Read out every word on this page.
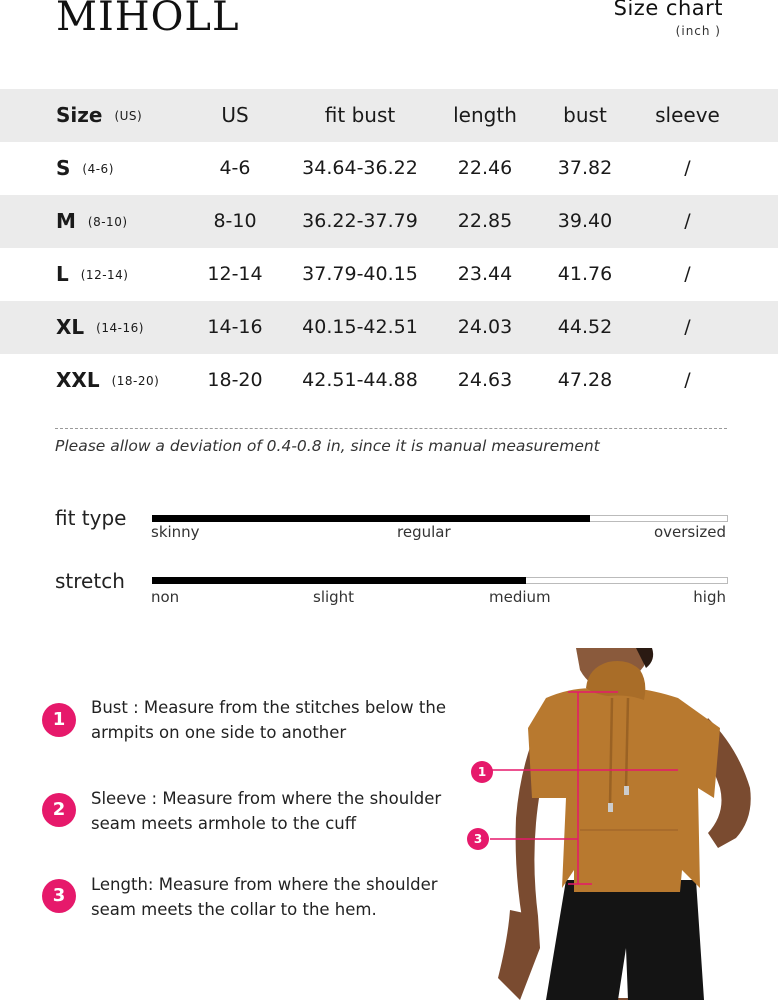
MIHOLL	Size chart
(inch )
Size (US)	US	fit bust	length	bust	sleeve
S (4-6)	4-6	34.64-36.22	22.46	37.82	/
M (8-10)	8-10	36.22-37.79	22.85	39.40	/
L (12-14)	12-14	37.79-40.15	23.44	41.76	/
XL (14-16)	14-16	40.15-42.51	24.03	44.52	/
XXL (18-20)	18-20	42.51-44.88	24.63	47.28	/
Please allow a deviation of 0.4-0.8 in, since it is manual measurement
fit type
skinny	regular	oversized
stretch
non	slight	medium	high
1
Bust : Measure from the stitches below the armpits on one side to another
2
Sleeve : Measure from where the shoulder seam meets armhole to the cuff
3
Length: Measure from where the shoulder seam meets the collar to the hem.
1
3
